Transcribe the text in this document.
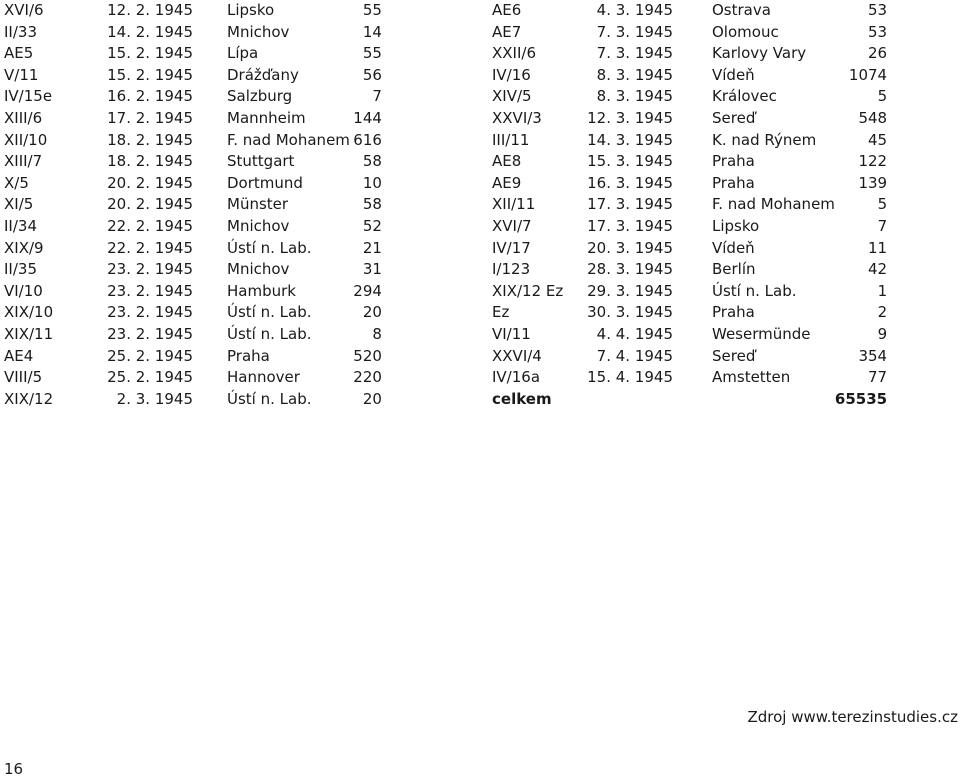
XVI/6	12. 2. 1945		Lipsko	55
II/33	14. 2. 1945		Mnichov	14
AE5	15. 2. 1945		Lípa	55
V/11	15. 2. 1945		Drážďany	56
IV/15e	16. 2. 1945		Salzburg	7
XIII/6	17. 2. 1945		Mannheim	144
XII/10	18. 2. 1945		F. nad Mohanem	616
XIII/7	18. 2. 1945		Stuttgart	58
X/5	20. 2. 1945		Dortmund	10
XI/5	20. 2. 1945		Münster	58
II/34	22. 2. 1945		Mnichov	52
XIX/9	22. 2. 1945		Ústí n. Lab.	21
II/35	23. 2. 1945		Mnichov	31
VI/10	23. 2. 1945		Hamburk	294
XIX/10	23. 2. 1945		Ústí n. Lab.	20
XIX/11	23. 2. 1945		Ústí n. Lab.	8
AE4	25. 2. 1945		Praha	520
VIII/5	25. 2. 1945		Hannover	220
XIX/12	2. 3. 1945		Ústí n. Lab.	20
AE6	4. 3. 1945		Ostrava	53
AE7	7. 3. 1945		Olomouc	53
XXII/6	7. 3. 1945		Karlovy Vary	26
IV/16	8. 3. 1945		Vídeň	1074
XIV/5	8. 3. 1945		Královec	5
XXVI/3	12. 3. 1945		Sereď	548
III/11	14. 3. 1945		K. nad Rýnem	45
AE8	15. 3. 1945		Praha	122
AE9	16. 3. 1945		Praha	139
XII/11	17. 3. 1945		F. nad Mohanem	5
XVI/7	17. 3. 1945		Lipsko	7
IV/17	20. 3. 1945		Vídeň	11
I/123	28. 3. 1945		Berlín	42
XIX/12 Ez	29. 3. 1945		Ústí n. Lab.	1
Ez	30. 3. 1945		Praha	2
VI/11	4. 4. 1945		Wesermünde	9
XXVI/4	7. 4. 1945		Sereď	354
IV/16a	15. 4. 1945		Amstetten	77
celkem				65535
Zdroj www.terezinstudies.cz
16
